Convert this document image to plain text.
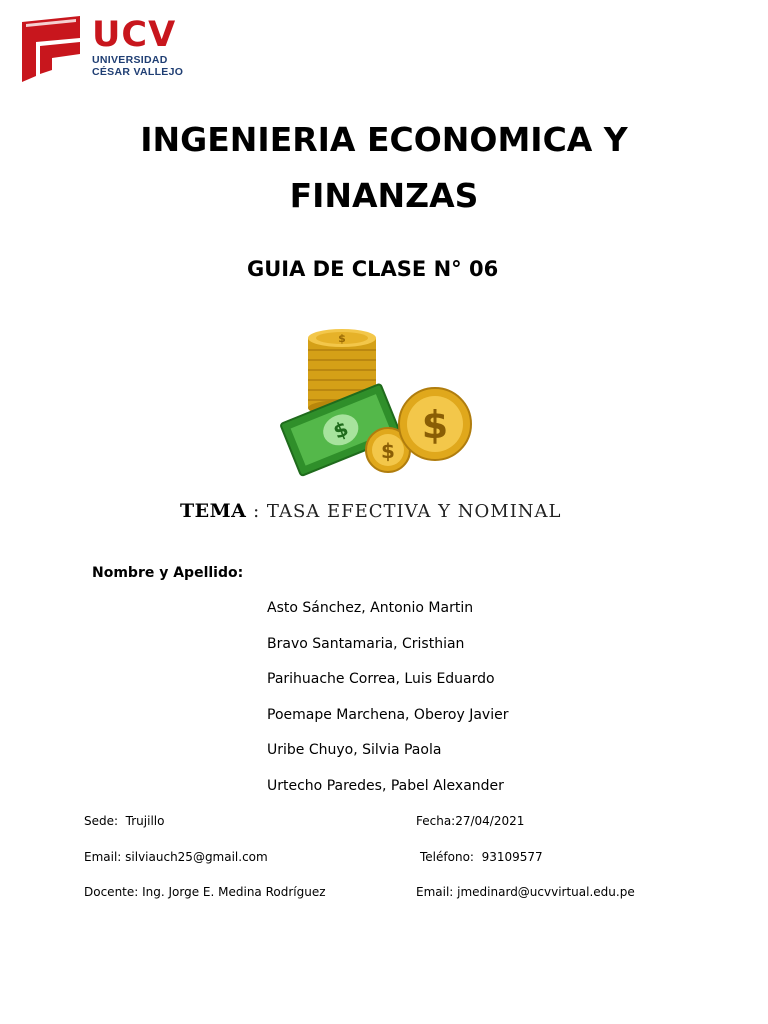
UCV
UNIVERSIDAD
CÉSAR VALLEJO
INGENIERIA ECONOMICA Y
FINANZAS
GUIA DE CLASE N° 06
$
$
$
$
TEMA : TASA EFECTIVA Y NOMINAL
Nombre y Apellido:
Asto Sánchez, Antonio Martin
Bravo Santamaria, Cristhian
Parihuache Correa, Luis Eduardo
Poemape Marchena, Oberoy Javier
Uribe Chuyo, Silvia Paola
Urtecho Paredes, Pabel Alexander
Sede:  Trujillo	Fecha:27/04/2021
Email: silviauch25@gmail.com	Teléfono:  93109577
Docente: Ing. Jorge E. Medina Rodríguez	Email: jmedinard@ucvvirtual.edu.pe
